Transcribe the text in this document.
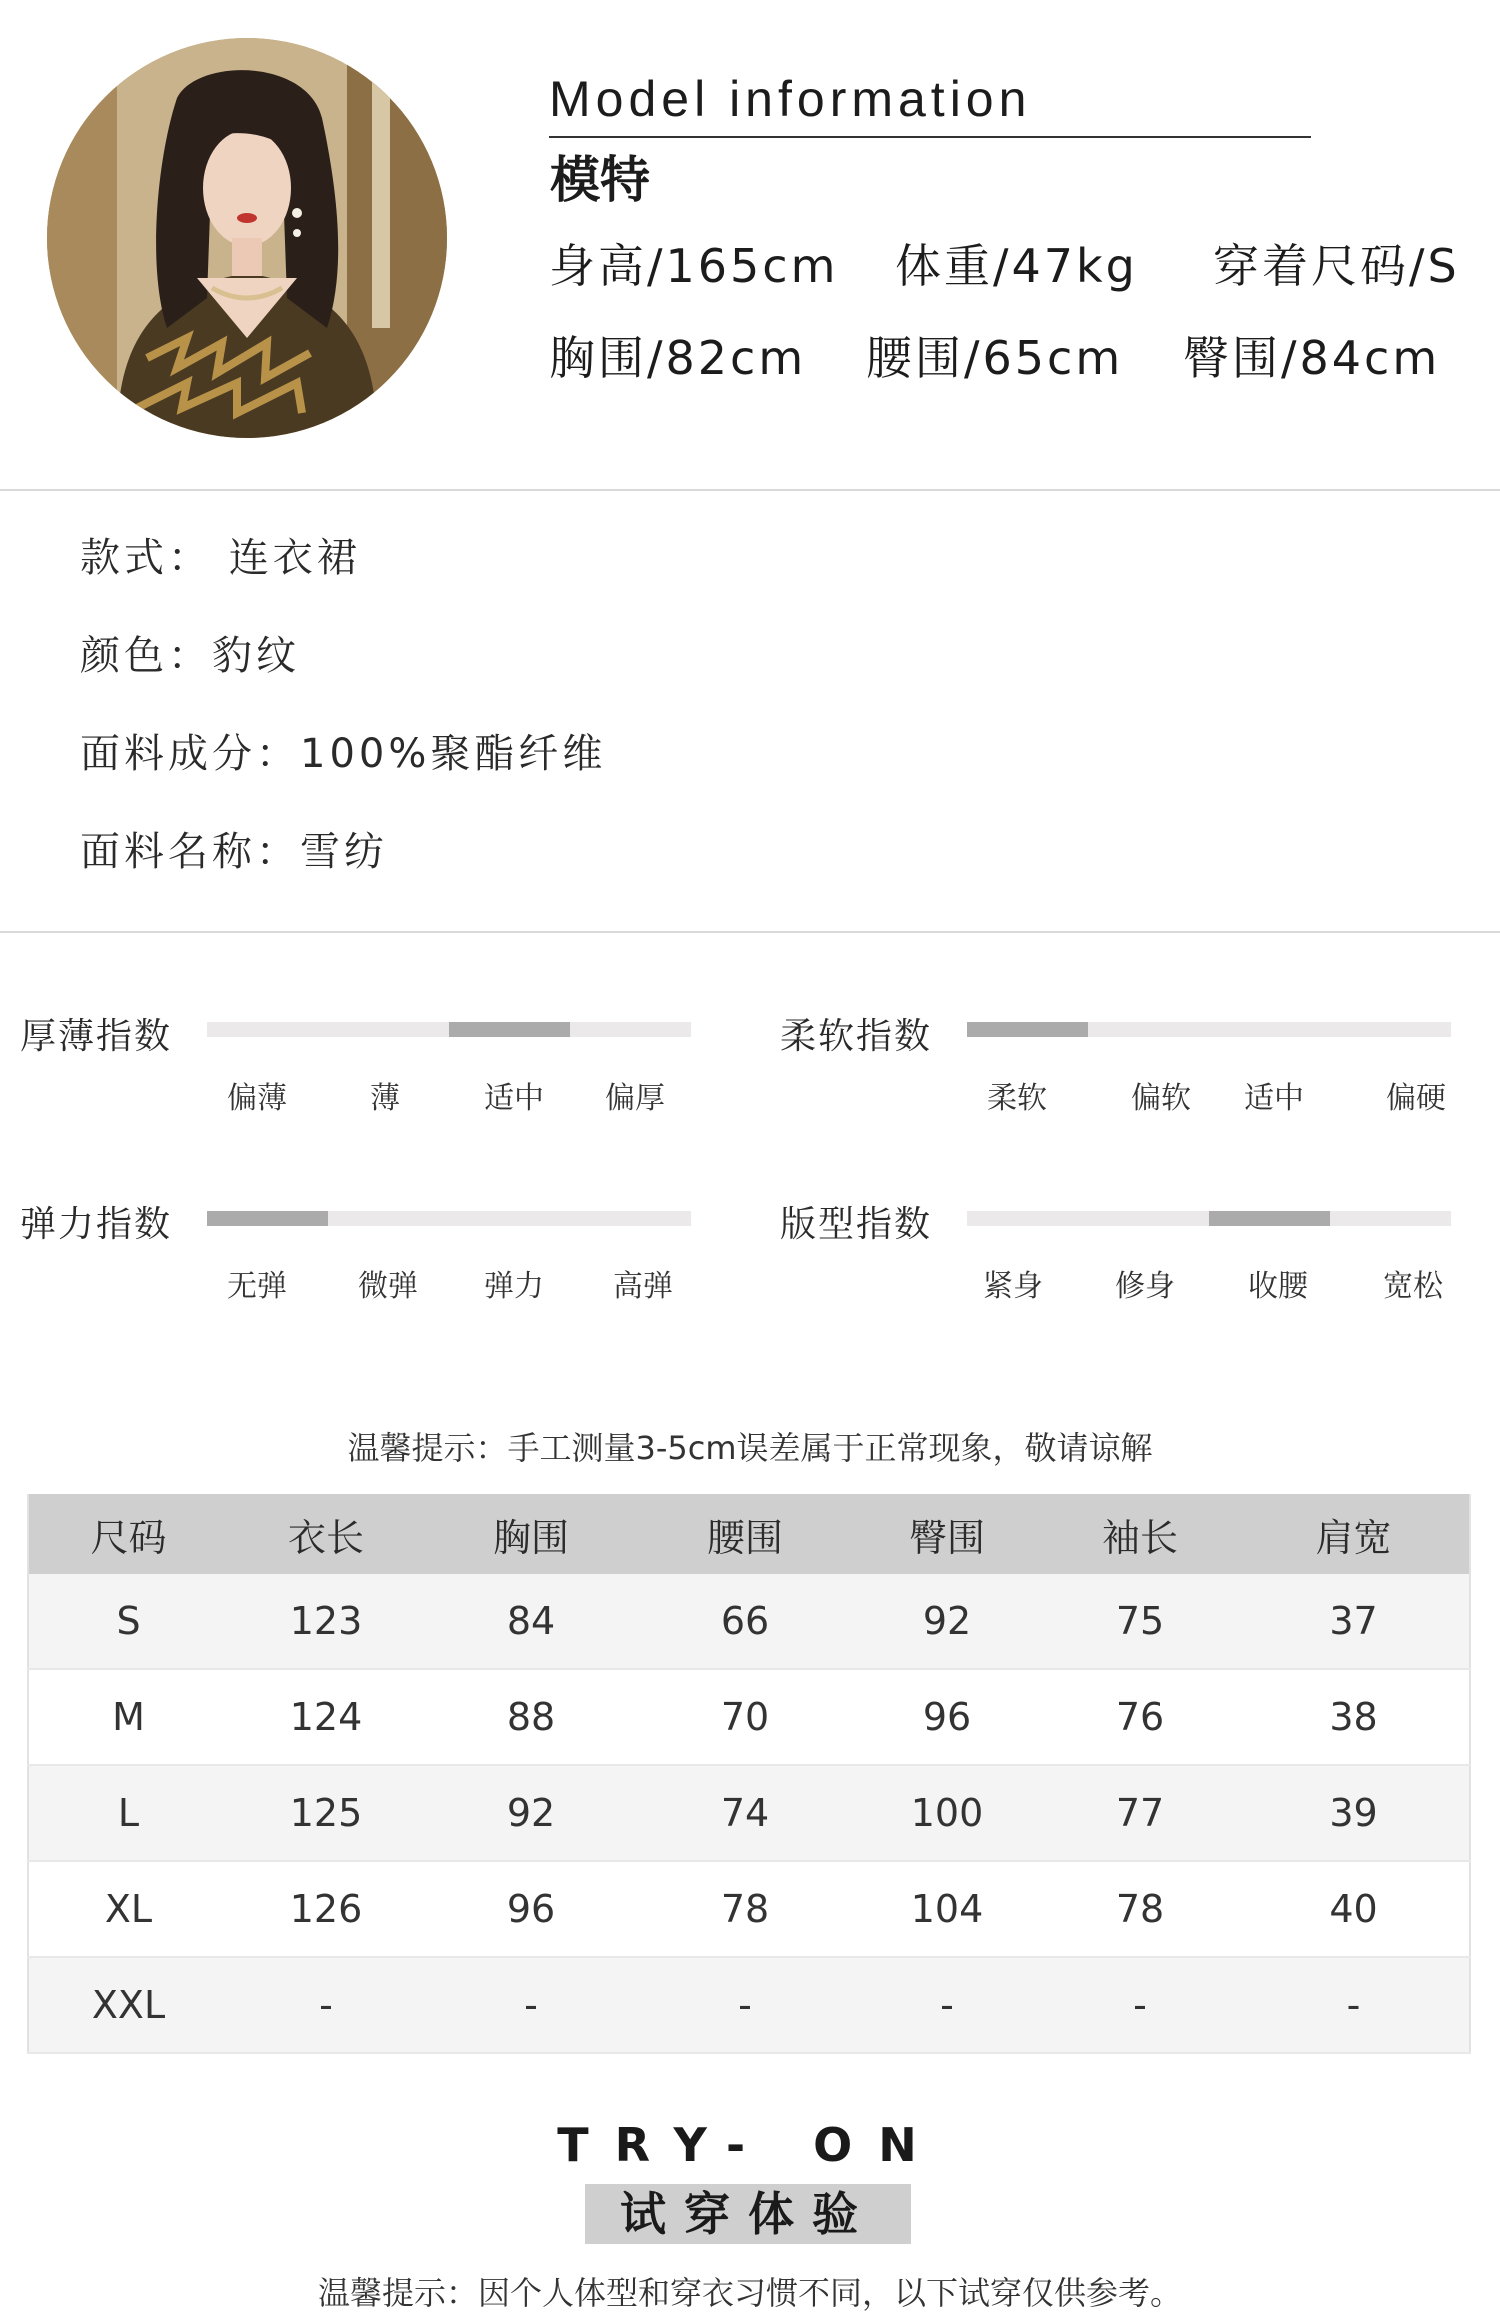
Model information
模特
身高/165cm 体重/47kg 穿着尺码/S
胸围/82cm 腰围/65cm 臀围/84cm
款式： 连衣裙
颜色：豹纹
面料成分：100%聚酯纤维
面料名称：雪纺
厚薄指数
偏薄	薄	适中 偏厚
柔软指数
柔软	偏软 适中	偏硬
弹力指数
无弹 微弹 弹力 高弹
版型指数
紧身 修身 收腰	宽松
温馨提示：手工测量3-5cm误差属于正常现象，敬请谅解
尺码	衣长	胸围	腰围	臀围	袖长	肩宽
S	123	84	66	92	75	37
M	124	88	70	96	76	38
L	125	92	74	100	77	39
XL	126	96	78	104	78	40
XXL	-	-	-	-	-	-
TRY- ON
试穿体验
温馨提示：因个人体型和穿衣习惯不同，以下试穿仅供参考。
